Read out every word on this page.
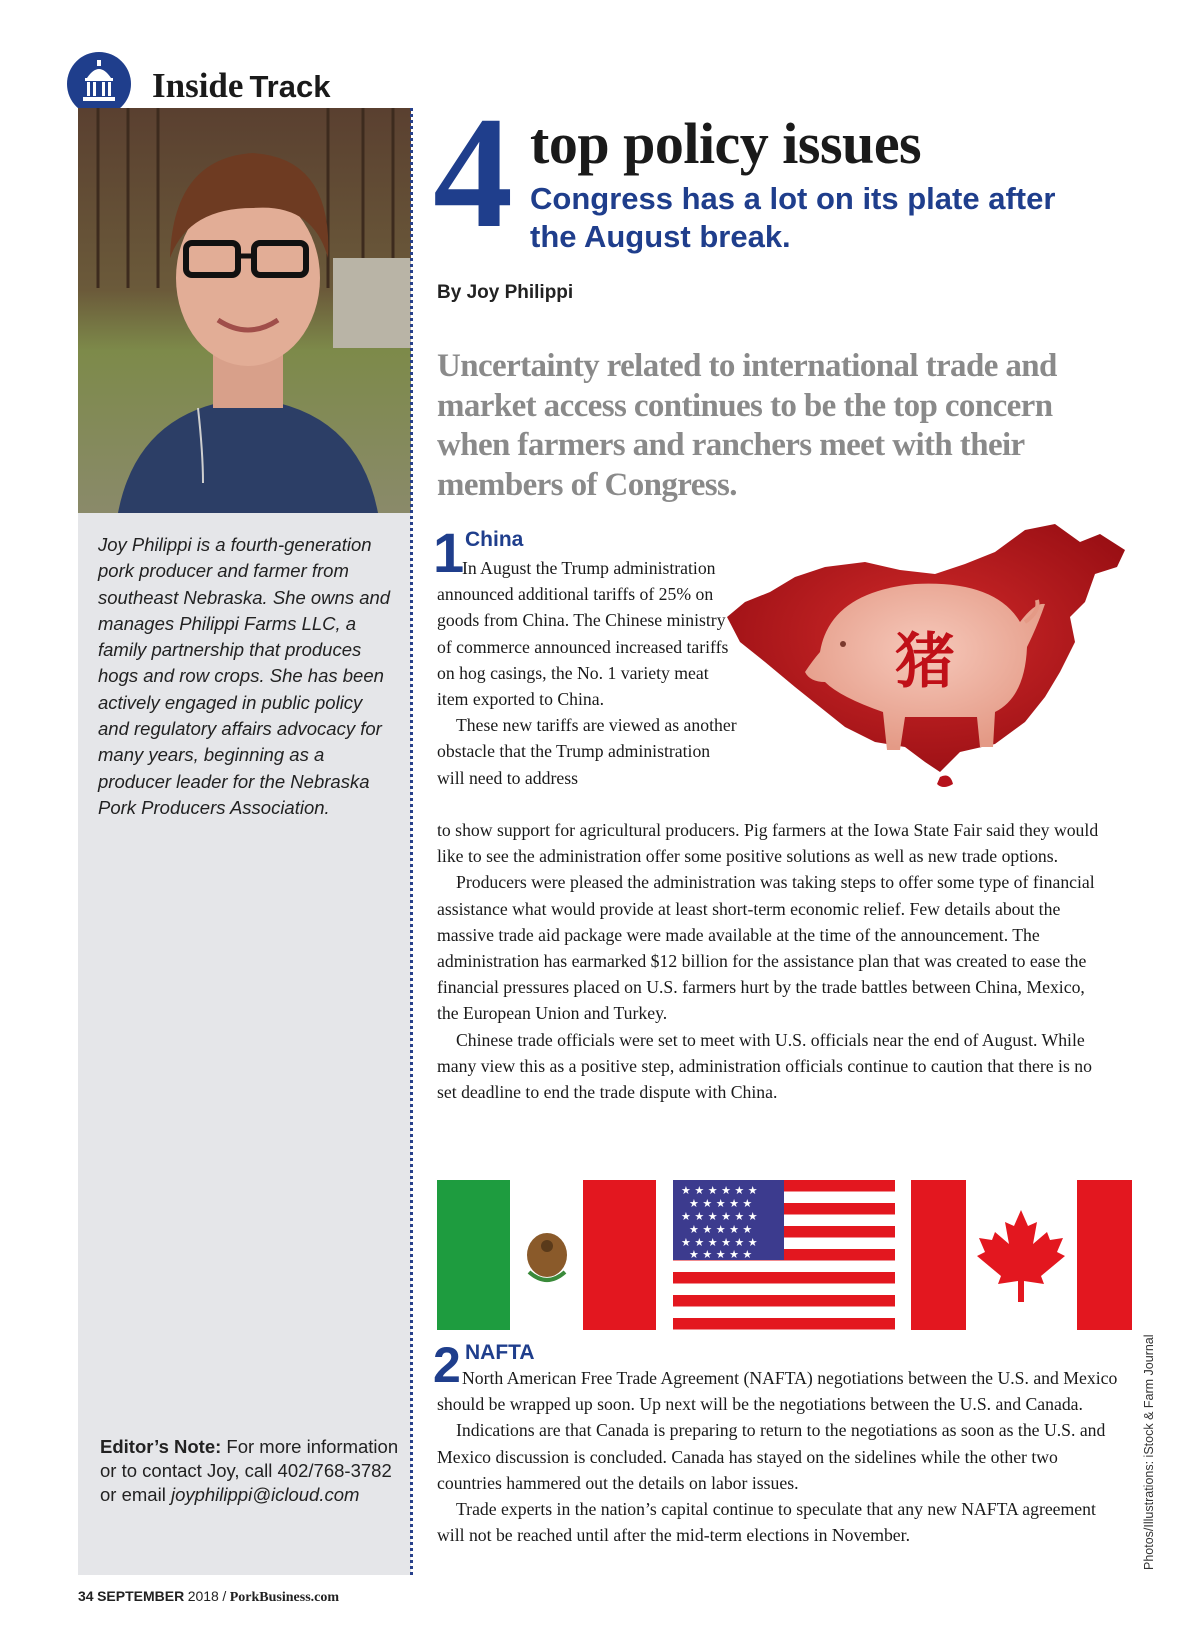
Inside Track
Joy Philippi is a fourth-generation pork producer and farmer from southeast Nebraska. She owns and manages Philippi Farms LLC, a family partnership that produces hogs and row crops. She has been actively engaged in public policy and regulatory affairs advocacy for many years, beginning as a producer leader for the Nebraska Pork Producers Association.
Editor’s Note: For more information or to contact Joy, call 402/768-3782 or email joyphilippi@icloud.com
4 top policy issues
Congress has a lot on its plate after the August break.
By Joy Philippi
Uncertainty related to international trade and market access continues to be the top concern when farmers and ranchers meet with their members of Congress.
1 China

In August the Trump administration announced additional tariffs of 25% on goods from China. The Chinese ministry of commerce announced increased tariffs on hog casings, the No. 1 variety meat item exported to China.

These new tariffs are viewed as another obstacle that the Trump administration will need to address

to show support for agricultural producers. Pig farmers at the Iowa State Fair said they would like to see the administration offer some positive solutions as well as new trade options.

Producers were pleased the administration was taking steps to offer some type of financial assistance what would provide at least short-term economic relief. Few details about the massive trade aid package were made available at the time of the announcement. The administration has earmarked $12 billion for the assistance plan that was created to ease the financial pressures placed on U.S. farmers hurt by the trade battles between China, Mexico, the European Union and Turkey.

Chinese trade officials were set to meet with U.S. officials near the end of August. While many view this as a positive step, administration officials continue to caution that there is no set deadline to end the trade dispute with China.

猪
★ ★ ★ ★ ★ ★
★ ★ ★ ★ ★
★ ★ ★ ★ ★ ★
★ ★ ★ ★ ★
★ ★ ★ ★ ★ ★
★ ★ ★ ★ ★
2 NAFTA

North American Free Trade Agreement (NAFTA) negotiations between the U.S. and Mexico should be wrapped up soon. Up next will be the negotiations between the U.S. and Canada.

Indications are that Canada is preparing to return to the negotiations as soon as the U.S. and Mexico discussion is concluded. Canada has stayed on the sidelines while the other two countries hammered out the details on labor issues.

Trade experts in the nation’s capital continue to speculate that any new NAFTA agreement will not be reached until after the mid-term elections in November.	Photos/Illustrations: iStock & Farm Journal
34 SEPTEMBER 2018 / PorkBusiness.com
